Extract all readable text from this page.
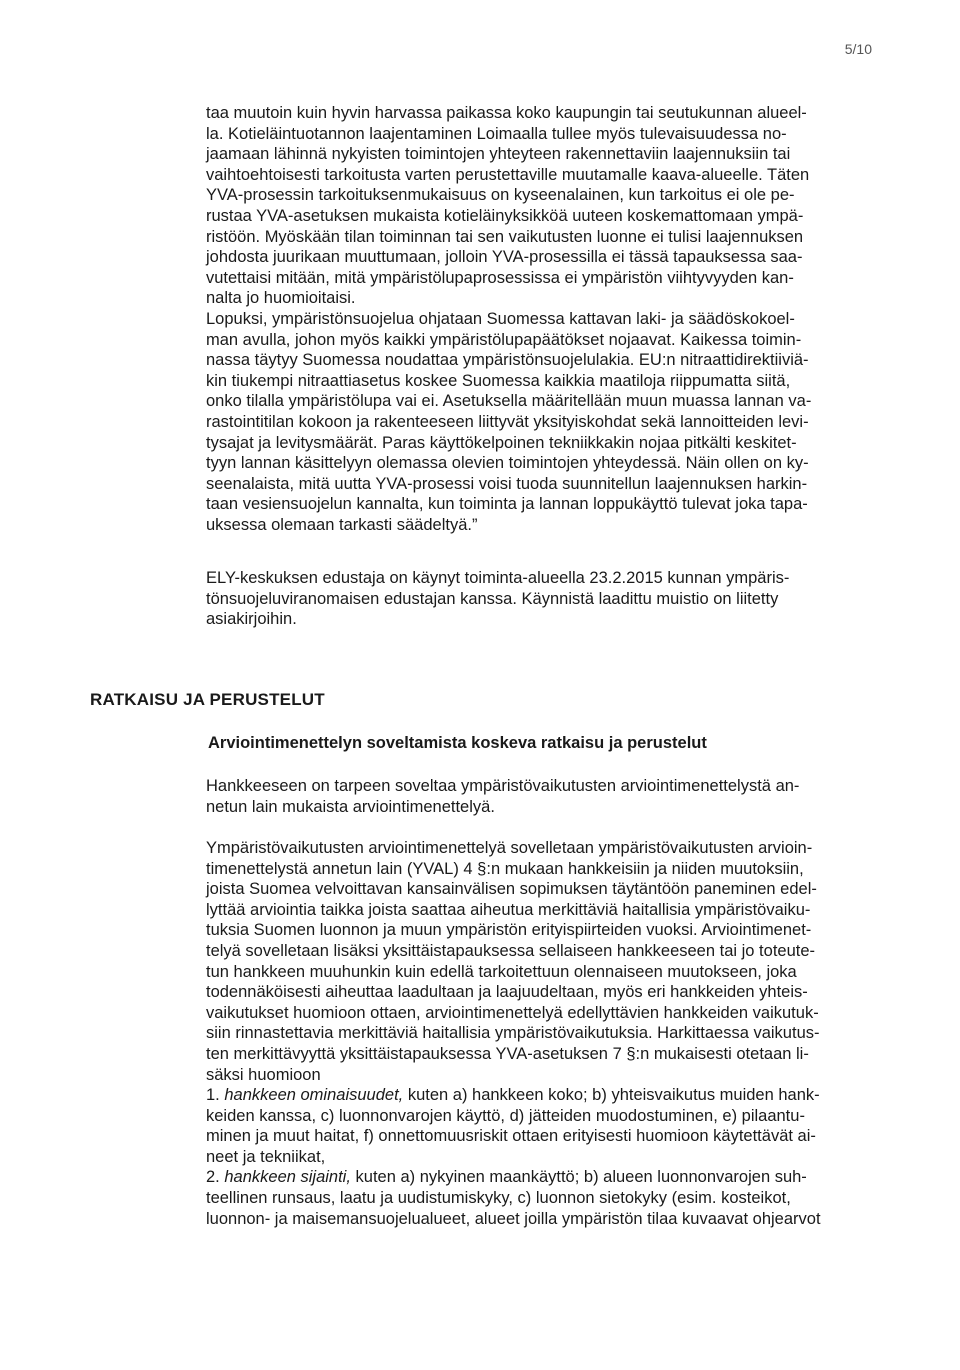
5/10

taa muutoin kuin hyvin harvassa paikassa koko kaupungin tai seutukunnan alueel-
la. Kotieläintuotannon laajentaminen Loimaalla tullee myös tulevaisuudessa no-
jaamaan lähinnä nykyisten toimintojen yhteyteen rakennettaviin laajennuksiin tai
vaihtoehtoisesti tarkoitusta varten perustettaville muutamalle kaava-alueelle. Täten
YVA-prosessin tarkoituksenmukaisuus on kyseenalainen, kun tarkoitus ei ole pe-
rustaa YVA-asetuksen mukaista kotieläinyksikköä uuteen koskemattomaan ympä-
ristöön. Myöskään tilan toiminnan tai sen vaikutusten luonne ei tulisi laajennuksen
johdosta juurikaan muuttumaan, jolloin YVA-prosessilla ei tässä tapauksessa saa-
vutettaisi mitään, mitä ympäristölupaprosessissa ei ympäristön viihtyvyyden kan-
nalta jo huomioitaisi.
Lopuksi, ympäristönsuojelua ohjataan Suomessa kattavan laki- ja säädöskokoel-
man avulla, johon myös kaikki ympäristölupapäätökset nojaavat. Kaikessa toimin-
nassa täytyy Suomessa noudattaa ympäristönsuojelulakia. EU:n nitraattidirektiiviä-
kin tiukempi nitraattiasetus koskee Suomessa kaikkia maatiloja riippumatta siitä,
onko tilalla ympäristölupa vai ei. Asetuksella määritellään muun muassa lannan va-
rastointitilan kokoon ja rakenteeseen liittyvät yksityiskohdat sekä lannoitteiden levi-
tysajat ja levitysmäärät. Paras käyttökelpoinen tekniikkakin nojaa pitkälti keskitet-
tyyn lannan käsittelyyn olemassa olevien toimintojen yhteydessä. Näin ollen on ky-
seenalaista, mitä uutta YVA-prosessi voisi tuoda suunnitellun laajennuksen harkin-
taan vesiensuojelun kannalta, kun toiminta ja lannan loppukäyttö tulevat joka tapa-
uksessa olemaan tarkasti säädeltyä.”

ELY-keskuksen edustaja on käynyt toiminta-alueella 23.2.2015 kunnan ympäris-
tönsuojeluviranomaisen edustajan kanssa. Käynnistä laadittu muistio on liitetty
asiakirjoihin.

RATKAISU JA PERUSTELUT
Arviointimenettelyn soveltamista koskeva ratkaisu ja perustelut

Hankkeeseen on tarpeen soveltaa ympäristövaikutusten arviointimenettelystä an-
netun lain mukaista arviointimenettelyä.

Ympäristövaikutusten arviointimenettelyä sovelletaan ympäristövaikutusten arvioin-
timenettelystä annetun lain (YVAL) 4 §:n mukaan hankkeisiin ja niiden muutoksiin,
joista Suomea velvoittavan kansainvälisen sopimuksen täytäntöön paneminen edel-
lyttää arviointia taikka joista saattaa aiheutua merkittäviä haitallisia ympäristövaiku-
tuksia Suomen luonnon ja muun ympäristön erityispiirteiden vuoksi. Arviointimenet-
telyä sovelletaan lisäksi yksittäistapauksessa sellaiseen hankkeeseen tai jo toteute-
tun hankkeen muuhunkin kuin edellä tarkoitettuun olennaiseen muutokseen, joka
todennäköisesti aiheuttaa laadultaan ja laajuudeltaan, myös eri hankkeiden yhteis-
vaikutukset huomioon ottaen, arviointimenettelyä edellyttävien hankkeiden vaikutuk-
siin rinnastettavia merkittäviä haitallisia ympäristövaikutuksia. Harkittaessa vaikutus-
ten merkittävyyttä yksittäistapauksessa YVA-asetuksen 7 §:n mukaisesti otetaan li-
säksi huomioon

1. hankkeen ominaisuudet, kuten a) hankkeen koko; b) yhteisvaikutus muiden hank-
keiden kanssa, c) luonnonvarojen käyttö, d) jätteiden muodostuminen, e) pilaantu-
minen ja muut haitat, f) onnettomuusriskit ottaen erityisesti huomioon käytettävät ai-
neet ja tekniikat,
2. hankkeen sijainti, kuten a) nykyinen maankäyttö; b) alueen luonnonvarojen suh-
teellinen runsaus, laatu ja uudistumiskyky, c) luonnon sietokyky (esim. kosteikot,
luonnon- ja maisemansuojelualueet, alueet joilla ympäristön tilaa kuvaavat ohjearvot
